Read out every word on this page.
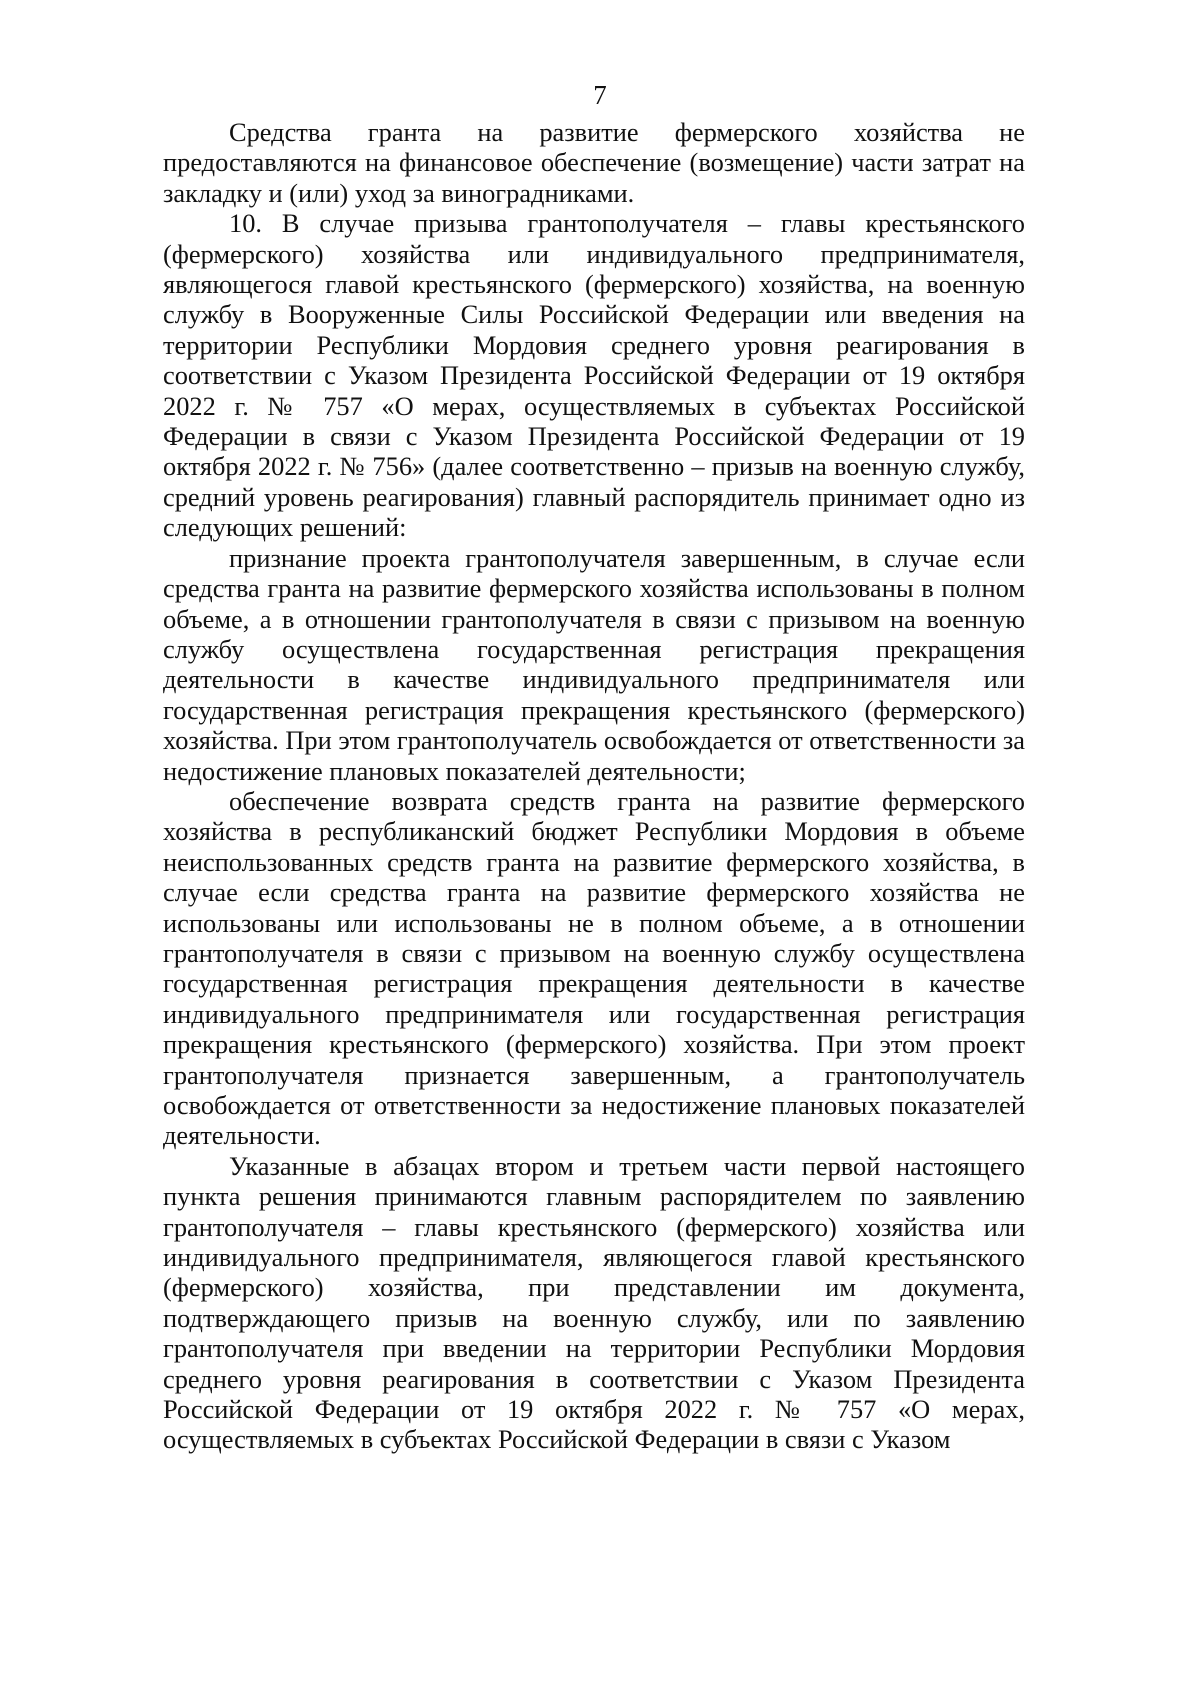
7

Средства гранта на развитие фермерского хозяйства не предоставляются на финансовое обеспечение (возмещение) части затрат на закладку и (или) уход за виноградниками.

10. В случае призыва грантополучателя – главы крестьянского (фермерского) хозяйства или индивидуального предпринимателя, являющегося главой крестьянского (фермерского) хозяйства, на военную службу в Вооруженные Силы Российской Федерации или введения на территории Республики Мордовия среднего уровня реагирования в соответствии с Указом Президента Российской Федерации от 19 октября 2022 г. № 757 «О мерах, осуществляемых в субъектах Российской Федерации в связи с Указом Президента Российской Федерации от 19 октября 2022 г. № 756» (далее соответственно – призыв на военную службу, средний уровень реагирования) главный распорядитель принимает одно из следующих решений:

признание проекта грантополучателя завершенным, в случае если средства гранта на развитие фермерского хозяйства использованы в полном объеме, а в отношении грантополучателя в связи с призывом на военную службу осуществлена государственная регистрация прекращения деятельности в качестве индивидуального предпринимателя или государственная регистрация прекращения крестьянского (фермерского) хозяйства. При этом грантополучатель освобождается от ответственности за недостижение плановых показателей деятельности;

обеспечение возврата средств гранта на развитие фермерского хозяйства в республиканский бюджет Республики Мордовия в объеме неиспользованных средств гранта на развитие фермерского хозяйства, в случае если средства гранта на развитие фермерского хозяйства не использованы или использованы не в полном объеме, а в отношении грантополучателя в связи с призывом на военную службу осуществлена государственная регистрация прекращения деятельности в качестве индивидуального предпринимателя или государственная регистрация прекращения крестьянского (фермерского) хозяйства. При этом проект грантополучателя признается завершенным, а грантополучатель освобождается от ответственности за недостижение плановых показателей деятельности.

Указанные в абзацах втором и третьем части первой настоящего пункта решения принимаются главным распорядителем по заявлению грантополучателя – главы крестьянского (фермерского) хозяйства или индивидуального предпринимателя, являющегося главой крестьянского (фермерского) хозяйства, при представлении им документа, подтверждающего призыв на военную службу, или по заявлению грантополучателя при введении на территории Республики Мордовия среднего уровня реагирования в соответствии с Указом Президента Российской Федерации от 19 октября 2022 г. № 757 «О мерах, осуществляемых в субъектах Российской Федерации в связи с Указом
